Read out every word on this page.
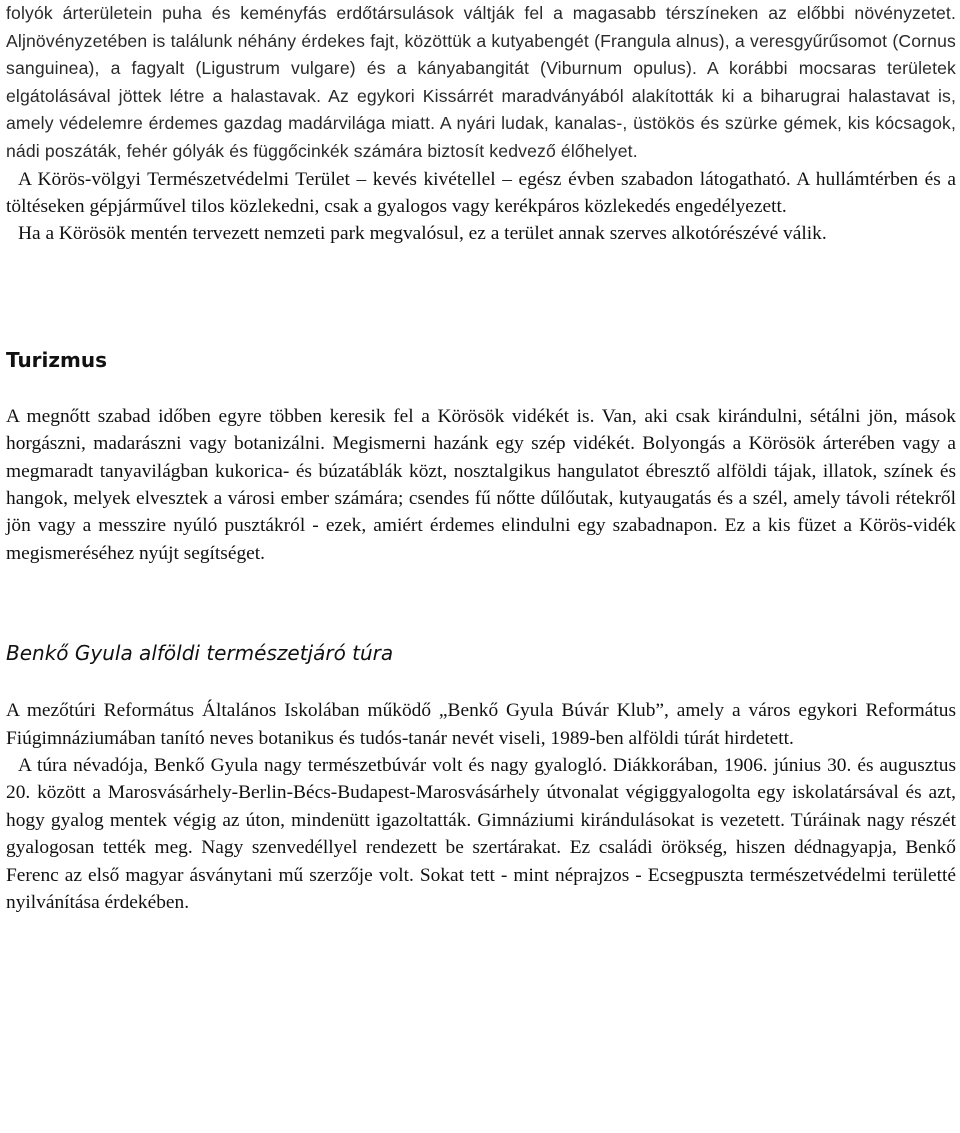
folyók árterületein puha és keményfás erdőtársulások váltják fel a magasabb térszíneken az előbbi növényzetet. Aljnövényzetében is találunk néhány érdekes fajt, közöttük a kutyabengét (Frangula alnus), a veresgyűrűsomot (Cornus sanguinea), a fagyalt (Ligustrum vulgare) és a kányabangitát (Viburnum opulus). A korábbi mocsaras területek elgátolásával jöttek létre a halastavak. Az egykori Kissárrét maradványából alakították ki a biharugrai halastavat is, amely védelemre érdemes gazdag madárvilága miatt. A nyári ludak, kanalas-, üstökös és szürke gémek, kis kócsagok, nádi poszáták, fehér gólyák és függőcinkék számára biztosít kedvező élőhelyet.

A Körös-völgyi Természetvédelmi Terület – kevés kivétellel – egész évben szabadon látogatható. A hullámtérben és a töltéseken gépjárművel tilos közlekedni, csak a gyalogos vagy kerékpáros közlekedés engedélyezett.

Ha a Körösök mentén tervezett nemzeti park megvalósul, ez a terület annak szerves alkotórészévé válik.

Turizmus

A megnőtt szabad időben egyre többen keresik fel a Körösök vidékét is. Van, aki csak kirándulni, sétálni jön, mások horgászni, madarászni vagy botanizálni. Megismerni hazánk egy szép vidékét. Bolyongás a Körösök árterében vagy a megmaradt tanyavilágban kukorica- és búzatáblák közt, nosztalgikus hangulatot ébresztő alföldi tájak, illatok, színek és hangok, melyek elvesztek a városi ember számára; csendes fű nőtte dűlőutak, kutyaugatás és a szél, amely távoli rétekről jön vagy a messzire nyúló pusztákról - ezek, amiért érdemes elindulni egy szabadnapon. Ez a kis füzet a Körös-vidék megismeréséhez nyújt segítséget.

Benkő Gyula alföldi természetjáró túra

A mezőtúri Református Általános Iskolában működő „Benkő Gyula Búvár Klub”, amely a város egykori Református Fiúgimnáziumában tanító neves botanikus és tudós-tanár nevét viseli, 1989-ben alföldi túrát hirdetett.

A túra névadója, Benkő Gyula nagy természetbúvár volt és nagy gyalogló. Diákkorában, 1906. június 30. és augusztus 20. között a Marosvásárhely-Berlin-Bécs-Budapest-Marosvásárhely útvonalat végiggyalogolta egy iskolatársával és azt, hogy gyalog mentek végig az úton, mindenütt igazoltatták. Gimnáziumi kirándulásokat is vezetett. Túráinak nagy részét gyalogosan tették meg. Nagy szenvedéllyel rendezett be szertárakat. Ez családi örökség, hiszen dédnagyapja, Benkő Ferenc az első magyar ásványtani mű szerzője volt. Sokat tett - mint néprajzos - Ecsegpuszta természetvédelmi területté nyilvánítása érdekében.
